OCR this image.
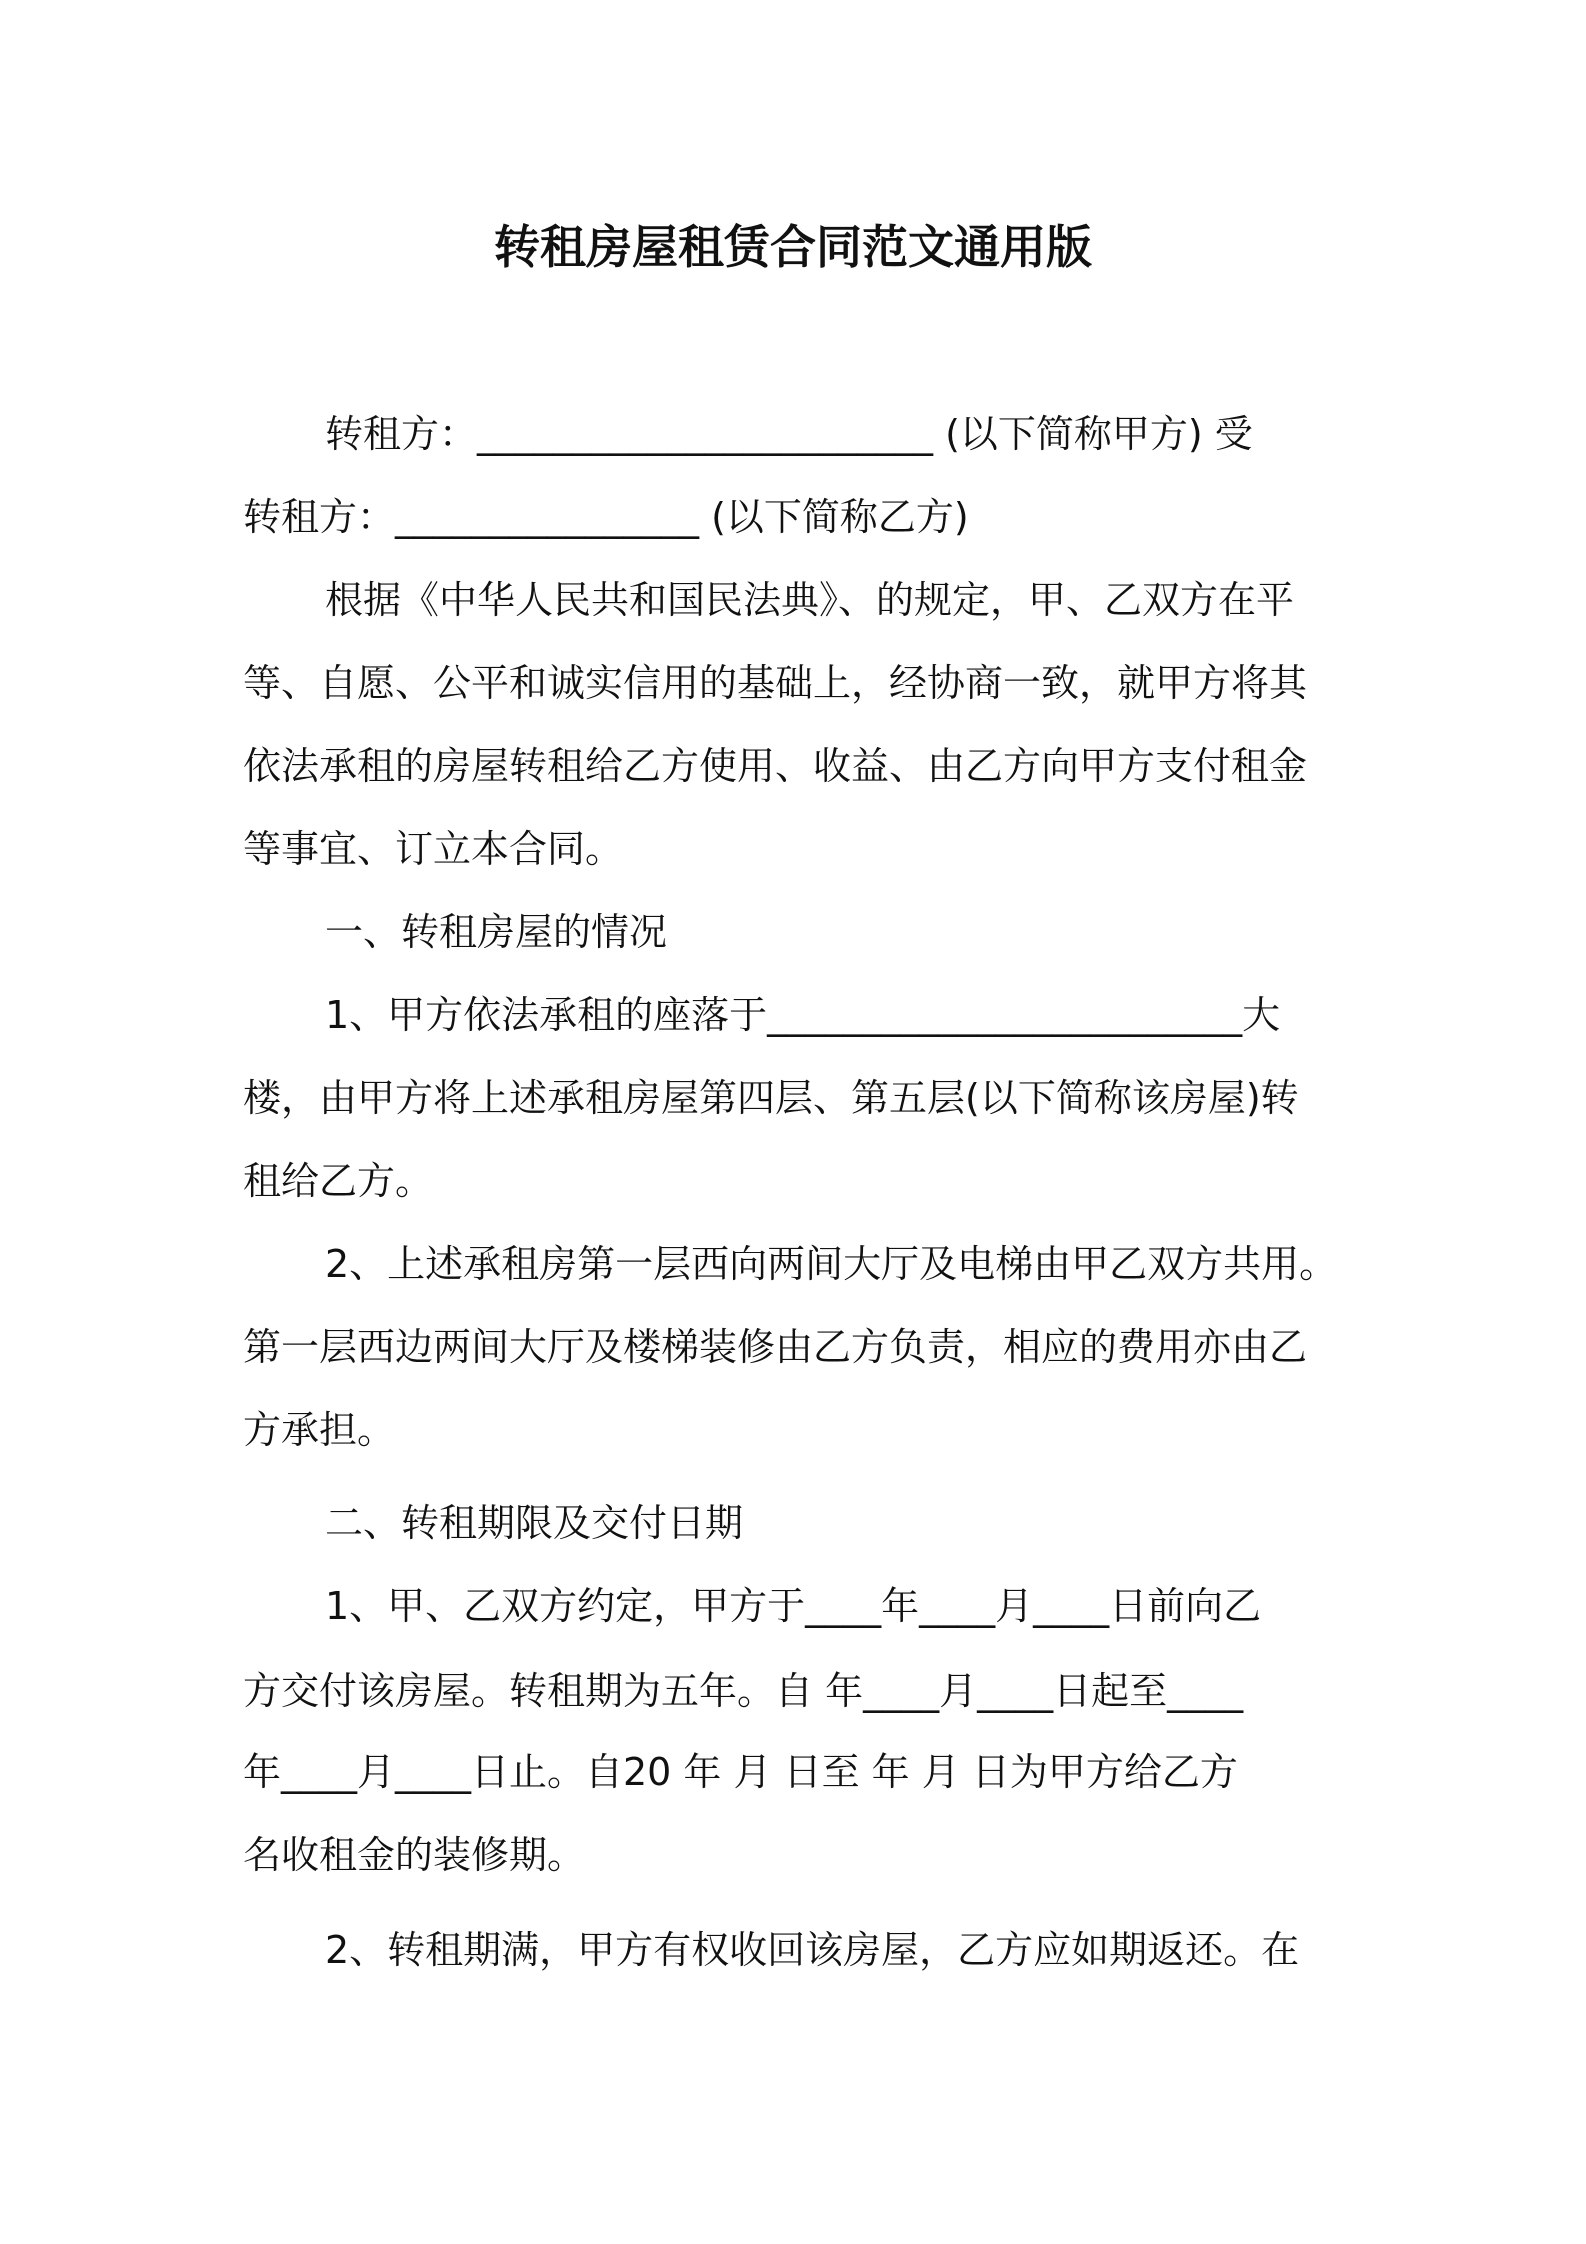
转租房屋租赁合同范文通用版
转租方：________________________ (以下简称甲方) 受
转租方：________________ (以下简称乙方)
根据《中华人民共和国民法典》、的规定，甲、乙双方在平
等、自愿、公平和诚实信用的基础上，经协商一致，就甲方将其
依法承租的房屋转租给乙方使用、收益、由乙方向甲方支付租金
等事宜、订立本合同。
一、转租房屋的情况
1、甲方依法承租的座落于_________________________大
楼，由甲方将上述承租房屋第四层、第五层(以下简称该房屋)转
租给乙方。
2、上述承租房第一层西向两间大厅及电梯由甲乙双方共用。
第一层西边两间大厅及楼梯装修由乙方负责，相应的费用亦由乙
方承担。
二、转租期限及交付日期
1、甲、乙双方约定，甲方于____年____月____日前向乙
方交付该房屋。转租期为五年。自 年____月____日起至____
年____月____日止。自20 年 月 日至 年 月 日为甲方给乙方
名收租金的装修期。
2、转租期满，甲方有权收回该房屋，乙方应如期返还。在
